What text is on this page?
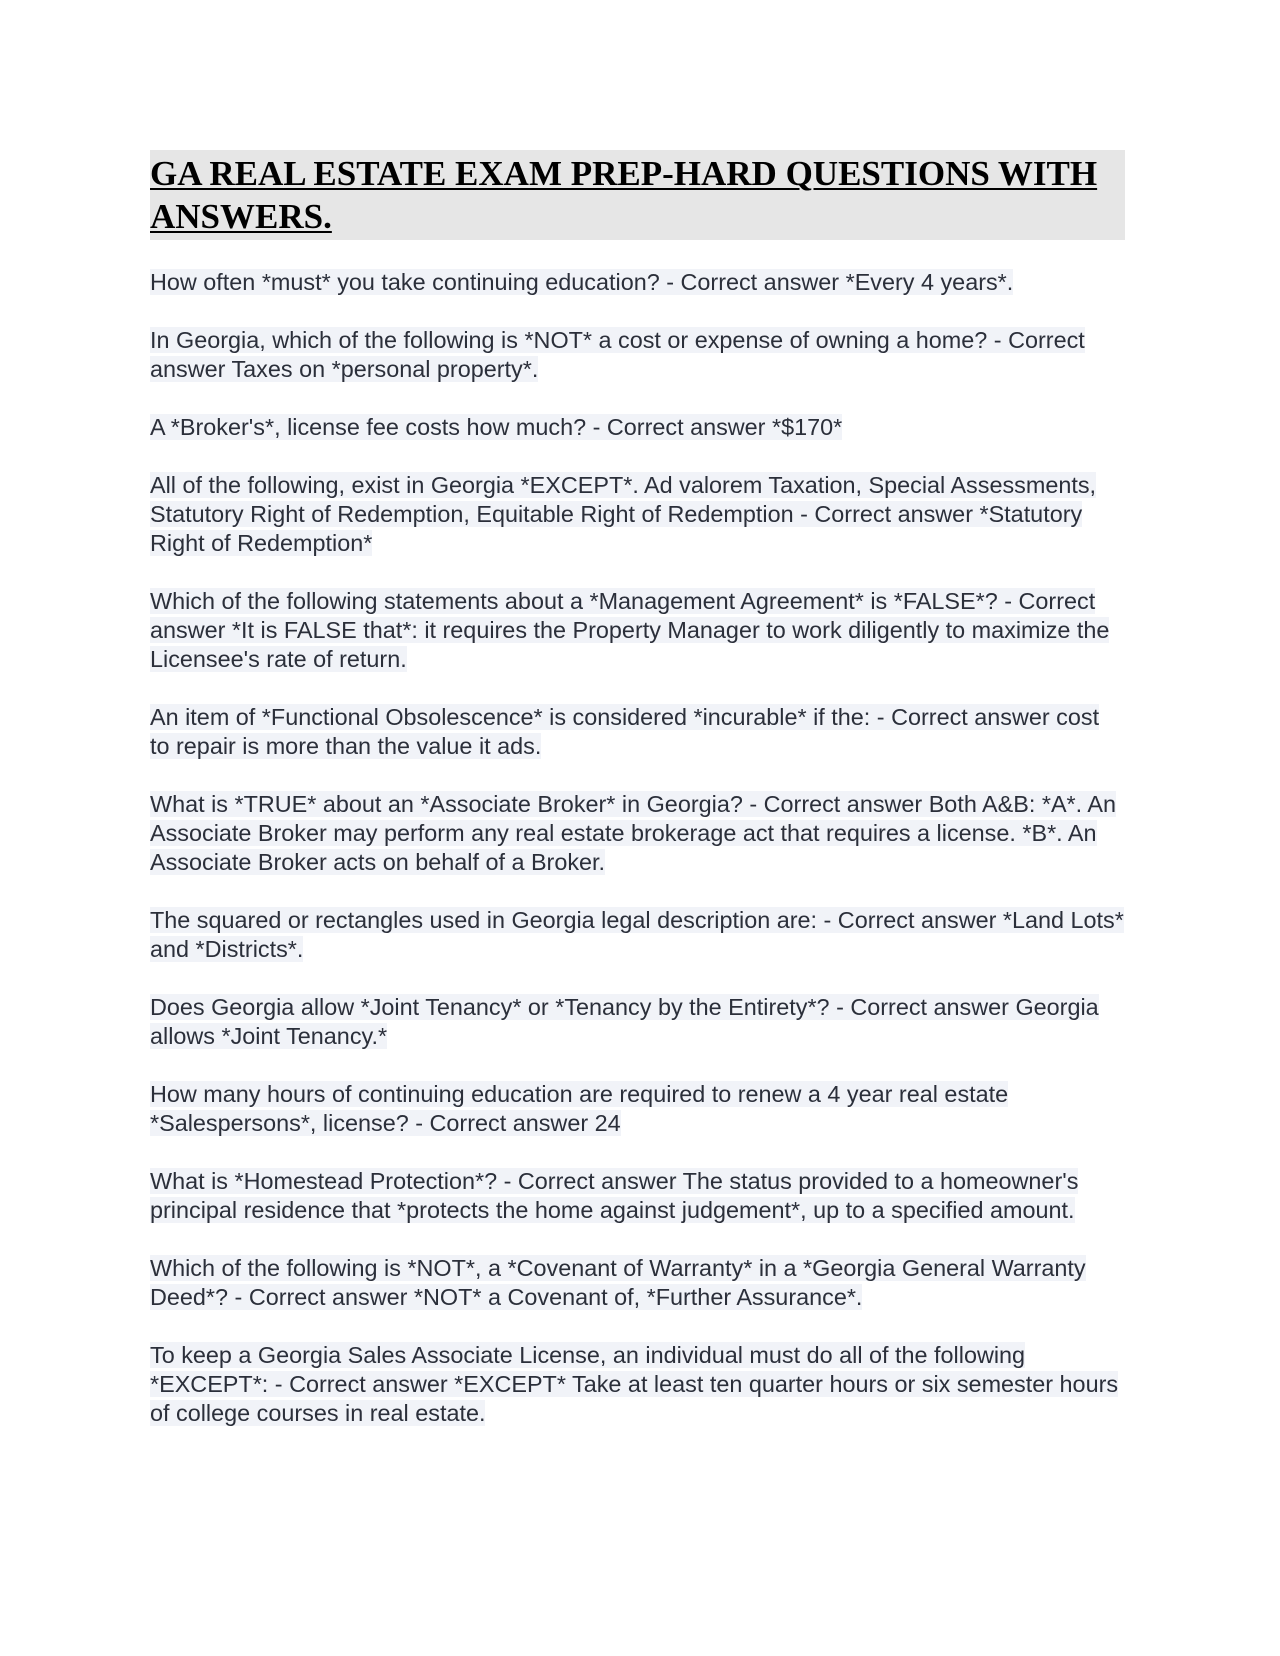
GA REAL ESTATE EXAM PREP-HARD QUESTIONS WITH ANSWERS.

How often *must* you take continuing education? - Correct answer *Every 4 years*.

In Georgia, which of the following is *NOT* a cost or expense of owning a home? - Correct answer Taxes on *personal property*.

A *Broker's*, license fee costs how much? - Correct answer *$170*

All of the following, exist in Georgia *EXCEPT*. Ad valorem Taxation, Special Assessments, Statutory Right of Redemption, Equitable Right of Redemption - Correct answer *Statutory Right of Redemption*

Which of the following statements about a *Management Agreement* is *FALSE*? - Correct answer *It is FALSE that*: it requires the Property Manager to work diligently to maximize the Licensee's rate of return.

An item of *Functional Obsolescence* is considered *incurable* if the: - Correct answer cost to repair is more than the value it ads.

What is *TRUE* about an *Associate Broker* in Georgia? - Correct answer Both A&B: *A*. An Associate Broker may perform any real estate brokerage act that requires a license. *B*. An Associate Broker acts on behalf of a Broker.

The squared or rectangles used in Georgia legal description are: - Correct answer *Land Lots* and *Districts*.

Does Georgia allow *Joint Tenancy* or *Tenancy by the Entirety*? - Correct answer Georgia allows *Joint Tenancy.*

How many hours of continuing education are required to renew a 4 year real estate *Salespersons*, license? - Correct answer 24

What is *Homestead Protection*? - Correct answer The status provided to a homeowner's principal residence that *protects the home against judgement*, up to a specified amount.

Which of the following is *NOT*, a *Covenant of Warranty* in a *Georgia General Warranty Deed*? - Correct answer *NOT* a Covenant of, *Further Assurance*.

To keep a Georgia Sales Associate License, an individual must do all of the following *EXCEPT*: - Correct answer *EXCEPT* Take at least ten quarter hours or six semester hours of college courses in real estate.
